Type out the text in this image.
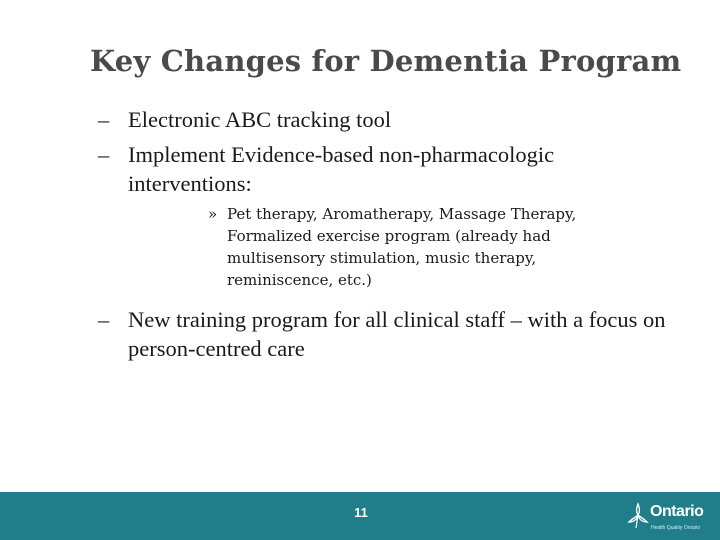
Key Changes for Dementia Program
– Electronic ABC tracking tool
– Implement Evidence-based non-pharmacologic interventions:
» Pet therapy, Aromatherapy, Massage Therapy,
Formalized exercise program (already had
multisensory stimulation, music therapy,
reminiscence, etc.)
– New training program for all clinical staff – with a focus on person-centred care
11	Ontario
Health Quality Ontario
